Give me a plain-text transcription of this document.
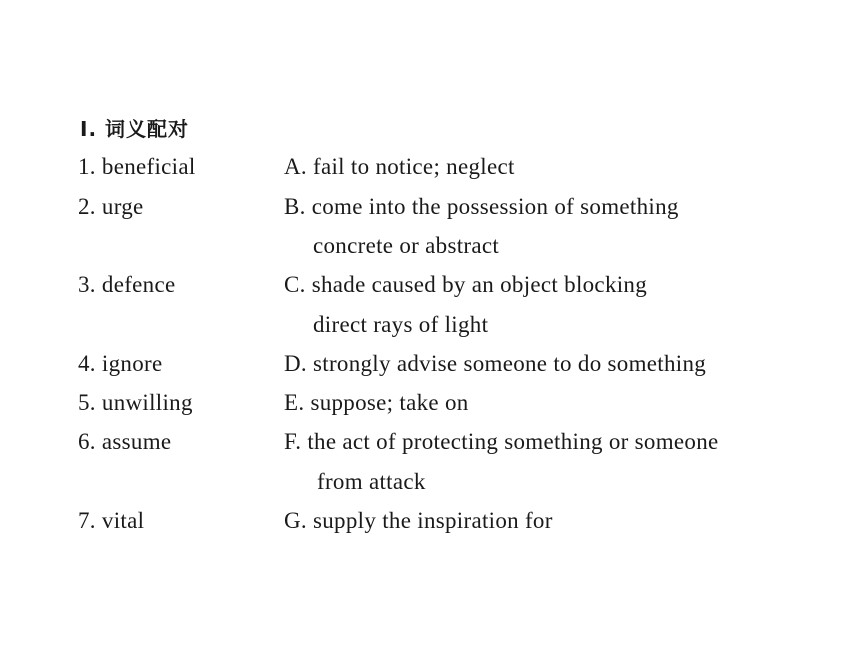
Ⅰ. 词义配对
1. beneficial
2. urge
3. defence
4. ignore
5. unwilling
6. assume
7. vital
A. fail to notice; neglect
B. come into the possession of something
concrete or abstract
C. shade caused by an object blocking
direct rays of light
D. strongly advise someone to do something
E. suppose; take on
F. the act of protecting something or someone
from attack
G. supply the inspiration for
